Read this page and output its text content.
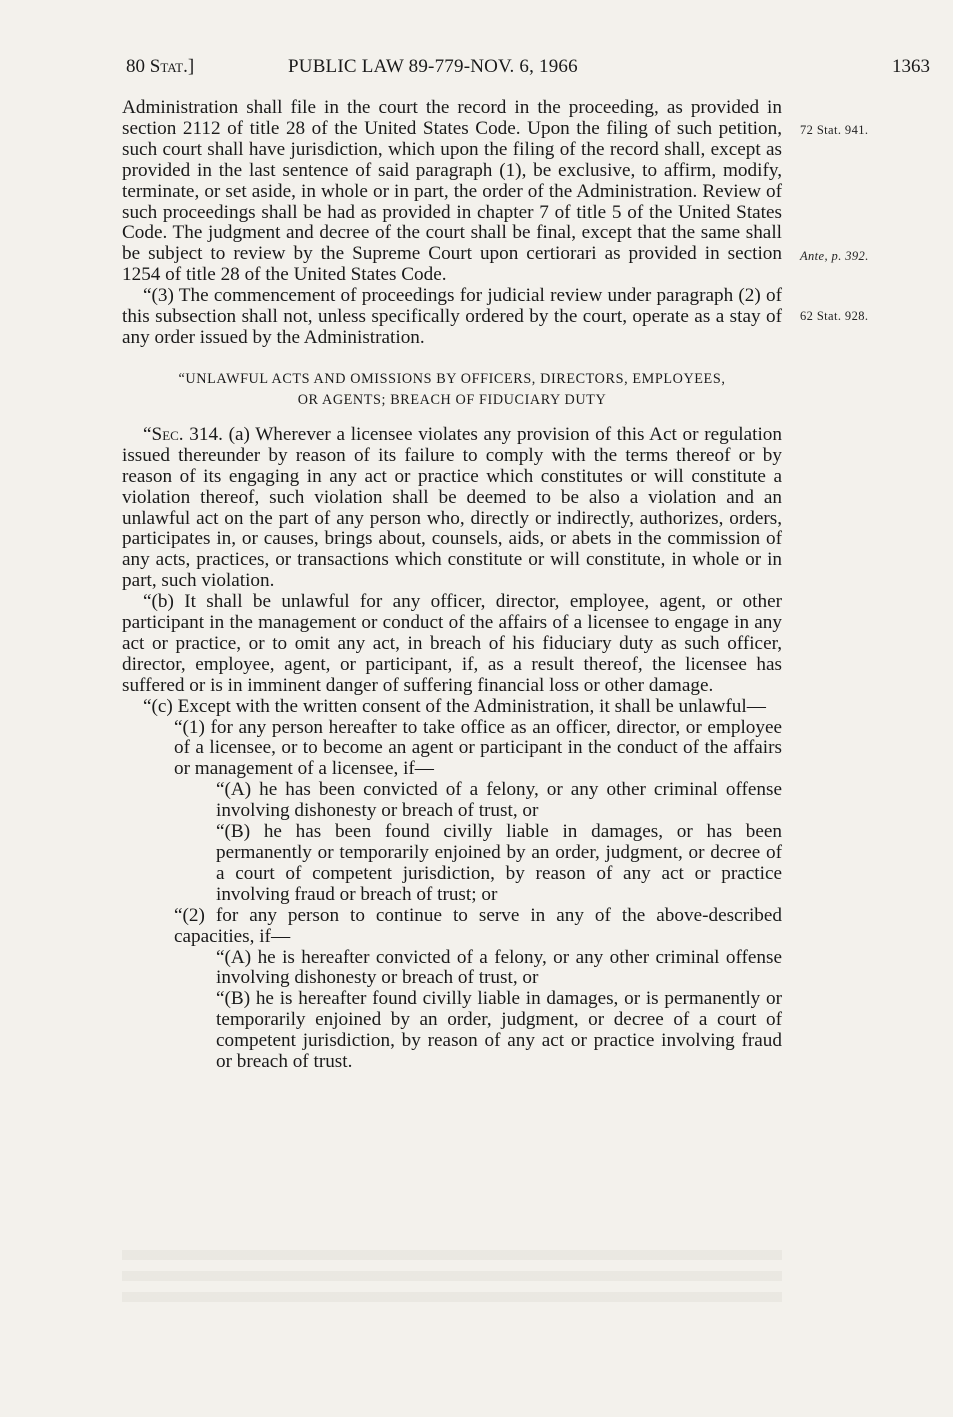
80 Stat.]	PUBLIC LAW 89-779-NOV. 6, 1966	1363
72 Stat. 941.
Ante, p. 392.
62 Stat. 928.

Administration shall file in the court the record in the proceeding, as provided in section 2112 of title 28 of the United States Code. Upon the filing of such petition, such court shall have jurisdiction, which upon the filing of the record shall, except as provided in the last sentence of said paragraph (1), be exclusive, to affirm, modify, terminate, or set aside, in whole or in part, the order of the Administration. Review of such proceedings shall be had as provided in chapter 7 of title 5 of the United States Code. The judgment and decree of the court shall be final, except that the same shall be subject to review by the Supreme Court upon certiorari as provided in section 1254 of title 28 of the United States Code.

“(3) The commencement of proceedings for judicial review under paragraph (2) of this subsection shall not, unless specifically ordered by the court, operate as a stay of any order issued by the Administration.

“UNLAWFUL ACTS AND OMISSIONS BY OFFICERS, DIRECTORS, EMPLOYEES,
OR AGENTS; BREACH OF FIDUCIARY DUTY

“Sec. 314. (a) Wherever a licensee violates any provision of this Act or regulation issued thereunder by reason of its failure to comply with the terms thereof or by reason of its engaging in any act or practice which constitutes or will constitute a violation thereof, such violation shall be deemed to be also a violation and an unlawful act on the part of any person who, directly or indirectly, authorizes, orders, participates in, or causes, brings about, counsels, aids, or abets in the commission of any acts, practices, or transactions which constitute or will constitute, in whole or in part, such violation.

“(b) It shall be unlawful for any officer, director, employee, agent, or other participant in the management or conduct of the affairs of a licensee to engage in any act or practice, or to omit any act, in breach of his fiduciary duty as such officer, director, employee, agent, or participant, if, as a result thereof, the licensee has suffered or is in imminent danger of suffering financial loss or other damage.

“(c) Except with the written consent of the Administration, it shall be unlawful—

“(1) for any person hereafter to take office as an officer, director, or employee of a licensee, or to become an agent or participant in the conduct of the affairs or management of a licensee, if—

“(A) he has been convicted of a felony, or any other criminal offense involving dishonesty or breach of trust, or

“(B) he has been found civilly liable in damages, or has been permanently or temporarily enjoined by an order, judgment, or decree of a court of competent jurisdiction, by reason of any act or practice involving fraud or breach of trust; or

“(2) for any person to continue to serve in any of the above-described capacities, if—

“(A) he is hereafter convicted of a felony, or any other criminal offense involving dishonesty or breach of trust, or

“(B) he is hereafter found civilly liable in damages, or is permanently or temporarily enjoined by an order, judgment, or decree of a court of competent jurisdiction, by reason of any act or practice involving fraud or breach of trust.
